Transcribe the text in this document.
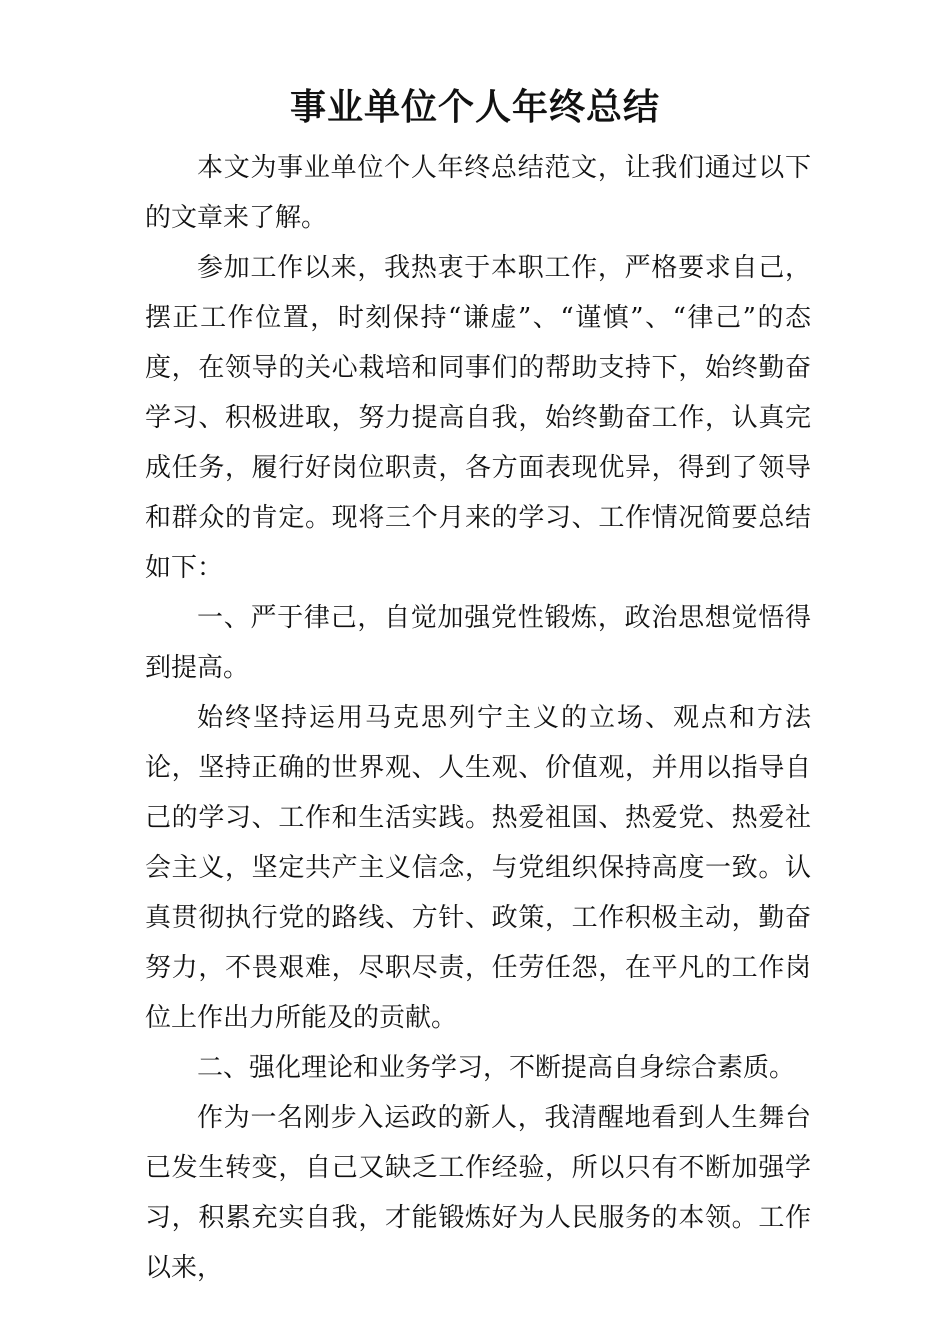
事业单位个人年终总结

本文为事业单位个人年终总结范文，让我们通过以下的文章来了解。

参加工作以来，我热衷于本职工作，严格要求自己，摆正工作位置，时刻保持“谦虚”、“谨慎”、“律己”的态度，在领导的关心栽培和同事们的帮助支持下，始终勤奋学习、积极进取，努力提高自我，始终勤奋工作，认真完成任务，履行好岗位职责，各方面表现优异，得到了领导和群众的肯定。现将三个月来的学习、工作情况简要总结如下：

一、严于律己，自觉加强党性锻炼，政治思想觉悟得到提高。

始终坚持运用马克思列宁主义的立场、观点和方法论，坚持正确的世界观、人生观、价值观，并用以指导自己的学习、工作和生活实践。热爱祖国、热爱党、热爱社会主义，坚定共产主义信念，与党组织保持高度一致。认真贯彻执行党的路线、方针、政策，工作积极主动，勤奋努力，不畏艰难，尽职尽责，任劳任怨，在平凡的工作岗位上作出力所能及的贡献。

二、强化理论和业务学习，不断提高自身综合素质。

作为一名刚步入运政的新人，我清醒地看到人生舞台已发生转变，自己又缺乏工作经验，所以只有不断加强学习，积累充实自我，才能锻炼好为人民服务的本领。工作以来，
